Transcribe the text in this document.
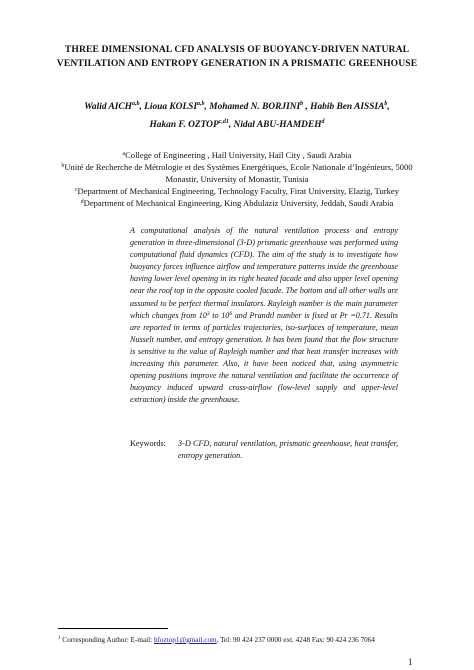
THREE DIMENSIONAL CFD ANALYSIS OF BUOYANCY-DRIVEN NATURAL
VENTILATION AND ENTROPY GENERATION IN A PRISMATIC GREENHOUSE
Walid AICH$^{a,b}$, Lioua KOLSI$^{a,b}$, Mohamed N. BORJINI$^b$ , Habib Ben AISSIA$^b$,
Hakan F. $OZTOP^{c,d1}$, Nidal ABU-HAMDEH$^d$
$^a$College of Engineering , Haïl University, Haïl City , Saudi Arabia
$^b$Unité de Recherche de Métrologie et des Systèmes Energétiques, Ecole Nationale d’Ingénieurs, 5000
Monastir, University of Monastir, Tunisia
$^c$Department of Mechanical Engineering, Technology Faculty, Firat University, Elazig, Turkey
$^d$Department of Mechanical Engineering, King Abdulaziz University, Jeddah, Saudi Arabia
A computational analysis of the natural ventilation process and entropy generation in three-dimensional (3-D) prismatic greenhouse was performed using computational fluid dynamics (CFD). The aim of the study is to investigate how buoyancy forces influence airflow and temperature patterns inside the greenhouse having lower level opening in its right heated facade and also upper level opening near the roof top in the opposite cooled facade. The bottom and all other walls are assumed to be perfect thermal insulators. Rayleigh number is the main parameter which changes from $10^3$ to $10^6$ and Prandtl number is fixed at Pr =0.71. Results are reported in terms of particles trajectories, iso-surfaces of temperature, mean Nusselt number, and entropy generation. It has been found that the flow structure is sensitive to the value of Rayleigh number and that heat transfer increases with increasing this parameter. Also, it have been noticed that, using asymmetric opening positions improve the natural ventilation and facilitate the occurrence of buoyancy induced upward cross-airflow (low-level supply and upper-level extraction) inside the greenhouse.
Keywords: 3-D CFD, natural ventilation, prismatic greenhouse, heat transfer, entropy generation.
$^1$ Corresponding Author: E-mail: hfoztop1@gmail.com, Tel: 90 424 237 0000 ext. 4248 Fax: 90 424 236 7064
1
